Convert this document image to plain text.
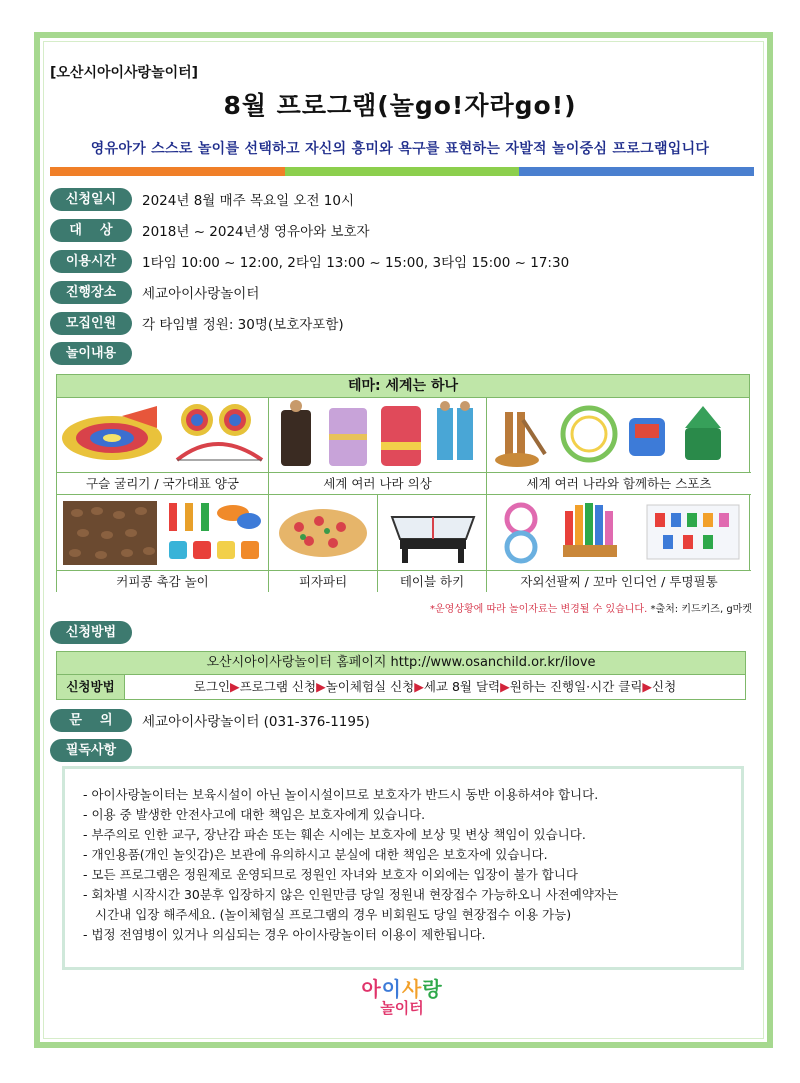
[오산시아이사랑놀이터]
8월 프로그램(놀go!자라go!)
영유아가 스스로 놀이를 선택하고 자신의 흥미와 욕구를 표현하는 자발적 놀이중심 프로그램입니다
신청일시	2024년 8월 매주 목요일 오전 10시
대    상	2018년 ~ 2024년생 영유아와 보호자
이용시간	1타임 10:00 ~ 12:00, 2타임 13:00 ~ 15:00, 3타임 15:00 ~ 17:30
진행장소	세교아이사랑놀이터
모집인원	각 타임별 정원: 30명(보호자포함)
놀이내용
테마: 세계는 하나
구슬 굴리기 / 국가대표 양궁	세계 여러 나라 의상	세계 여러 나라와 함께하는 스포츠
커피콩 촉감 놀이	피자파티	테이블 하키	자외선팔찌 / 꼬마 인디언 / 투명필통
*운영상황에 따라 놀이자료는 변경될 수 있습니다. *출처: 키드키즈, g마켓
신청방법
오산시아이사랑놀이터 홈페이지 http://www.osanchild.or.kr/ilove
신청방법	로그인▶프로그램 신청▶놀이체험실 신청▶세교 8월 달력▶원하는 진행일·시간 클릭▶신청
문    의	세교아이사랑놀이터 (031-376-1195)
필독사항

- 아이사랑놀이터는 보육시설이 아닌 놀이시설이므로 보호자가 반드시 동반 이용하셔야 합니다.

- 이용 중 발생한 안전사고에 대한 책임은 보호자에게 있습니다.

- 부주의로 인한 교구, 장난감 파손 또는 훼손 시에는 보호자에 보상 및 변상 책임이 있습니다.

- 개인용품(개인 놀잇감)은 보관에 유의하시고 분실에 대한 책임은 보호자에 있습니다.

- 모든 프로그램은 정원제로 운영되므로 정원인 자녀와 보호자 이외에는 입장이 불가 합니다

- 회차별 시작시간 30분후 입장하지 않은 인원만큼 당일 정원내 현장접수 가능하오니 사전예약자는

시간내 입장 해주세요. (놀이체험실 프로그램의 경우 비회원도 당일 현장접수 이용 가능)

- 법정 전염병이 있거나 의심되는 경우 아이사랑놀이터 이용이 제한됩니다.

아이사랑
놀이터
